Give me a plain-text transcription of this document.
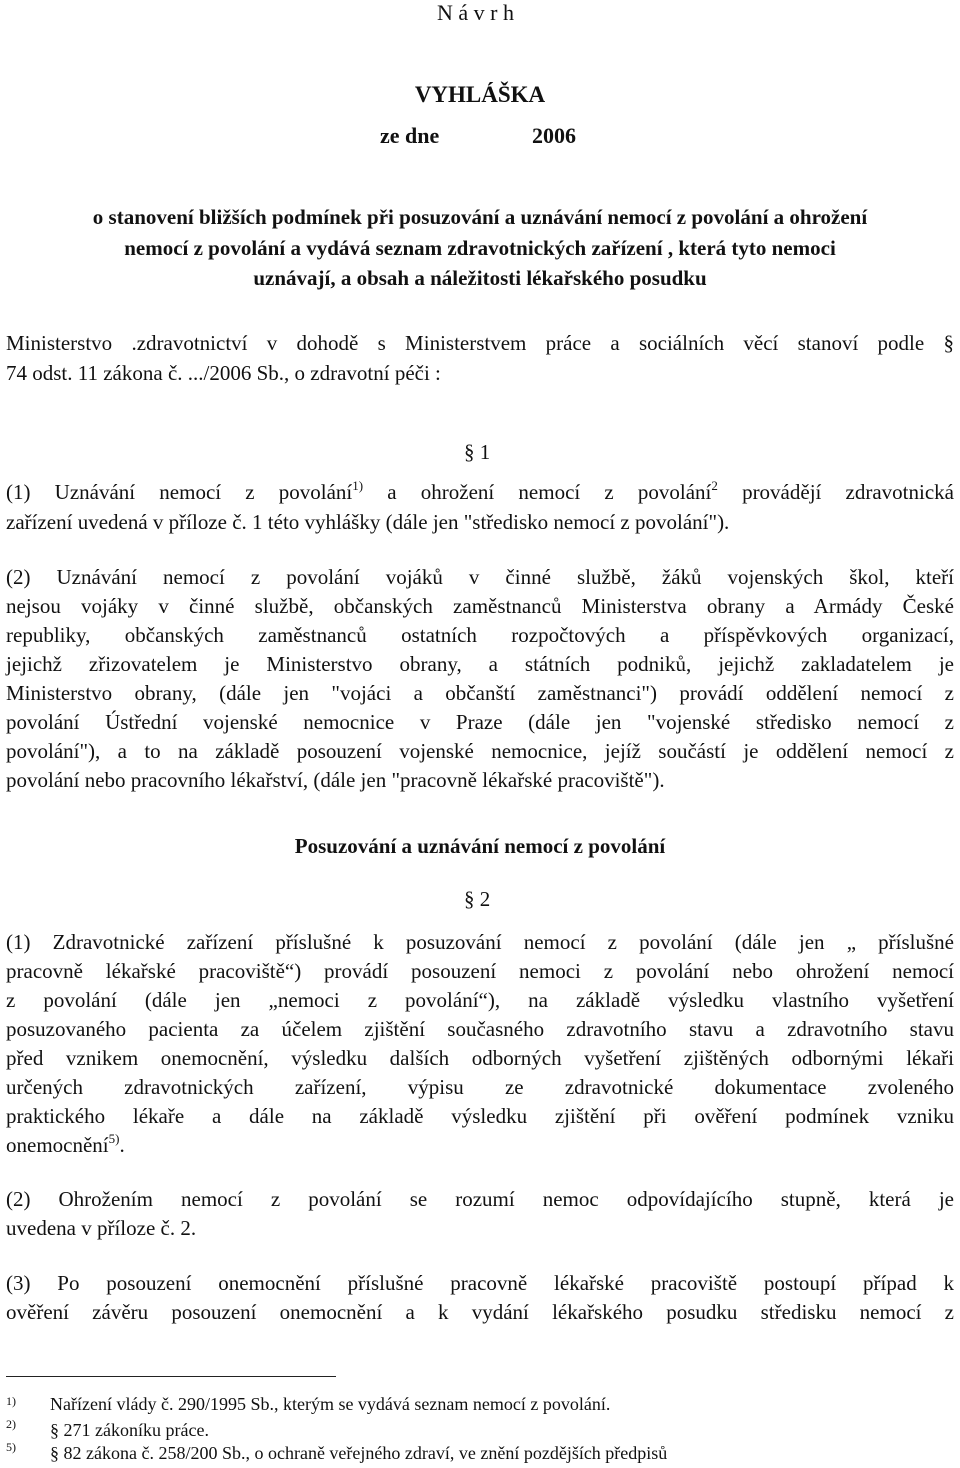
N á v r h
VYHLÁŠKA
ze dne	2006
o stanovení bližších podmínek při posuzování a uznávání nemocí z povolání a ohrožení
nemocí z povolání a vydává seznam zdravotnických zařízení , která tyto nemoci
uznávají, a obsah a náležitosti lékařského posudku
Ministerstvo .zdravotnictví v dohodě s Ministerstvem práce a sociálních věcí stanoví podle §
74 odst. 11 zákona č. .../2006 Sb., o zdravotní péči :
§ 1
(1) Uznávání nemocí z povolání$^{1)}$ a ohrožení nemocí z povolání$^2$ provádějí zdravotnická
zařízení uvedená v příloze č. 1 této vyhlášky (dále jen "středisko nemocí z povolání").
(2) Uznávání nemocí z povolání vojáků v činné službě, žáků vojenských škol, kteří
nejsou vojáky v činné službě, občanských zaměstnanců Ministerstva obrany a Armády České
republiky, občanských zaměstnanců ostatních rozpočtových a příspěvkových organizací,
jejichž zřizovatelem je Ministerstvo obrany, a státních podniků, jejichž zakladatelem je
Ministerstvo obrany, (dále jen "vojáci a občanští zaměstnanci") provádí oddělení nemocí z
povolání Ústřední vojenské nemocnice v Praze (dále jen "vojenské středisko nemocí z
povolání"), a to na základě posouzení vojenské nemocnice, jejíž součástí je oddělení nemocí z
povolání nebo pracovního lékařství, (dále jen "pracovně lékařské pracoviště").
Posuzování a uznávání nemocí z povolání
§ 2
(1) Zdravotnické zařízení příslušné k posuzování nemocí z povolání (dále jen „ příslušné
pracovně lékařské pracoviště“) provádí posouzení nemoci z povolání nebo ohrožení nemocí
z povolání (dále jen „nemoci z povolání“), na základě výsledku vlastního vyšetření
posuzovaného pacienta za účelem zjištění současného zdravotního stavu a zdravotního stavu
před vznikem onemocnění, výsledku dalších odborných vyšetření zjištěných odbornými lékaři
určených zdravotnických zařízení, výpisu ze zdravotnické dokumentace zvoleného
praktického lékaře a dále na základě výsledku zjištění při ověření podmínek vzniku
onemocnění$^{5)}$.
(2) Ohrožením nemocí z povolání se rozumí nemoc odpovídajícího stupně, která je
uvedena v příloze č. 2.
(3) Po posouzení onemocnění příslušné pracovně lékařské pracoviště postoupí případ k
ověření závěru posouzení onemocnění a k vydání lékařského posudku středisku nemocí z
1) Nařízení vlády č. 290/1995 Sb., kterým se vydává seznam nemocí z povolání.
2) § 271 zákoníku práce.
5) § 82 zákona č. 258/200 Sb., o ochraně veřejného zdraví, ve znění pozdějších předpisů
